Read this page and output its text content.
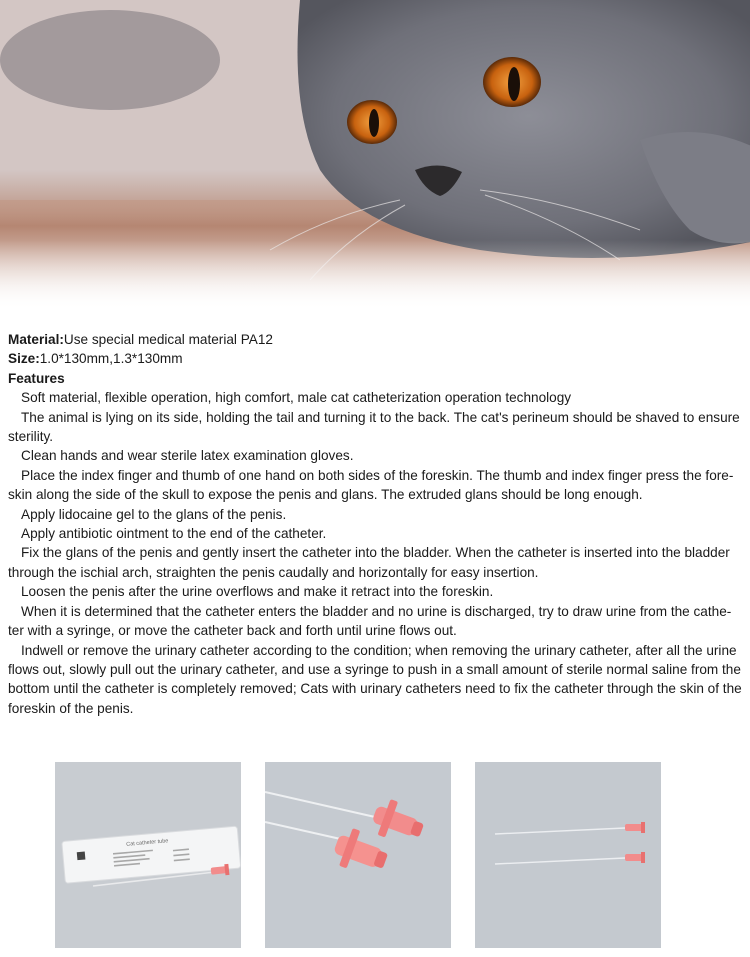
Material:Use special medical material PA12

Size:1.0*130mm,1.3*130mm

Features

Soft material, flexible operation, high comfort, male cat catheterization operation technology

The animal is lying on its side, holding the tail and turning it to the back. The cat's perineum should be shaved to ensure sterility.

Clean hands and wear sterile latex examination gloves.

Place the index finger and thumb of one hand on both sides of the foreskin. The thumb and index finger press the fore-skin along the side of the skull to expose the penis and glans. The extruded glans should be long enough.

Apply lidocaine gel to the glans of the penis.

Apply antibiotic ointment to the end of the catheter.

Fix the glans of the penis and gently insert the catheter into the bladder. When the catheter is inserted into the bladder through the ischial arch, straighten the penis caudally and horizontally for easy insertion.

Loosen the penis after the urine overflows and make it retract into the foreskin.

When it is determined that the catheter enters the bladder and no urine is discharged, try to draw urine from the cathe-ter with a syringe, or move the catheter back and forth until urine flows out.

Indwell or remove the urinary catheter according to the condition; when removing the urinary catheter, after all the urine flows out, slowly pull out the urinary catheter, and use a syringe to push in a small amount of sterile normal saline from the bottom until the catheter is completely removed; Cats with urinary catheters need to fix the catheter through the skin of the foreskin of the penis.

Cat catheter tube
